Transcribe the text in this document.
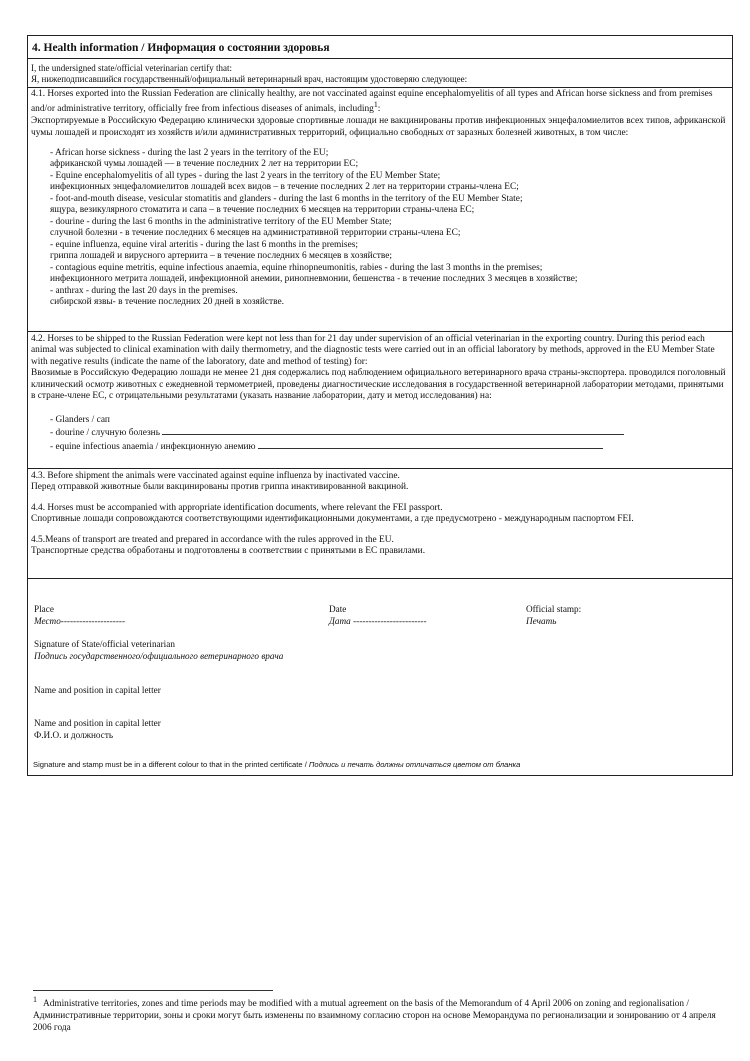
4. Health information / Информация о состоянии здоровья
I, the undersigned state/official veterinarian certify that:
Я, нижеподписавшийся государственный/официальный ветеринарный врач, настоящим удостоверяю следующее:

4.1. Horses exported into the Russian Federation are clinically healthy, are not vaccinated against equine encephalomyelitis of all types and African horse sickness and from premises and/or administrative territory, officially free from infectious diseases of animals, including$^1$:

Экспортируемые в Российскую Федерацию клинически здоровые спортивные лошади не вакцинированы против инфекционных энцефаломиелитов всех типов, африканской чумы лошадей и происходят из хозяйств и/или административных территорий, официально свободных от заразных болезней животных, в том числе:

- African horse sickness - during the last 2 years in the territory of the EU;
африканской чумы лошадей — в течение последних 2 лет на территории ЕС;
- Equine encephalomyelitis of all types - during the last 2 years in the territory of the EU Member State;
инфекционных энцефаломиелитов лошадей всех видов – в течение последних 2 лет на территории страны-члена ЕС;
- foot-and-mouth disease, vesicular stomatitis and glanders - during the last 6 months in the territory of the EU Member State;
ящура, везикулярного стоматита и сапа – в течение последних 6 месяцев на территории страны-члена ЕС;
- dourine - during the last 6 months in the administrative territory of the EU Member State;
случной болезни - в течение последних 6 месяцев на административной территории страны-члена ЕС;
- equine influenza, equine viral arteritis - during the last 6 months in the premises;
гриппа лошадей и вирусного артериита – в течение последних 6 месяцев в хозяйстве;
- contagious equine metritis, equine infectious anaemia, equine rhinopneumonitis, rabies - during the last 3 months in the premises;
инфекционного метрита лошадей, инфекционной анемии, ринопневмонии, бешенства - в течение последних 3 месяцев в хозяйстве;
- anthrax - during the last 20 days in the premises.
сибирской язвы- в течение последних 20 дней в хозяйстве.

4.2. Horses to be shipped to the Russian Federation were kept not less than for 21 day under supervision of an official veterinarian in the exporting country. During this period each animal was subjected to clinical examination with daily thermometry, and the diagnostic tests were carried out in an official laboratory by methods, approved in the EU Member State with negative results (indicate the name of the laboratory, date and method of testing) for:

Ввозимые в Российскую Федерацию лошади не менее 21 дня содержались под наблюдением официального ветеринарного врача страны-экспортера. проводился поголовный клинический осмотр животных с ежедневной термометрией, проведены диагностические исследования в государственной ветеринарной лаборатории методами, принятыми в стране-члене ЕС, с отрицательными результатами (указать название лаборатории, дату и метод исследования) на:

- Glanders / сап
- dourine / случную болезнь
- equine infectious anaemia / инфекционную анемию

4.3. Before shipment the animals were vaccinated against equine influenza by inactivated vaccine.

Перед отправкой животные были вакцинированы против гриппа инактивированной вакциной.

4.4. Horses must be accompanied with appropriate identification documents, where relevant the FEI passport.

Спортивные лошади сопровождаются соответствующими идентификационными документами, а где предусмотрено - международным паспортом FEI.

4.5.Means of transport are treated and prepared in accordance with the rules approved in the EU.

Транспортные средства обработаны и подготовлены в соответствии с принятыми в ЕС правилами.

Place
Место---------------------
Date
Дата ------------------------
Official stamp:
Печать
Signature of State/official veterinarian
Подпись государственного/официального ветеринарного врача
Name and position in capital letter
Name and position in capital letter
Ф.И.О. и должность
Signature and stamp must be in a different colour to that in the printed certificate / Подпись и печать должны отличаться цветом от бланка
$^1$ Administrative territories, zones and time periods may be modified with a mutual agreement on the basis of the Memorandum of 4 April 2006 on zoning and regionalisation / Административные территории, зоны и сроки могут быть изменены по взаимному согласию сторон на основе Меморандума по регионализации и зонированию от 4 апреля 2006 года
